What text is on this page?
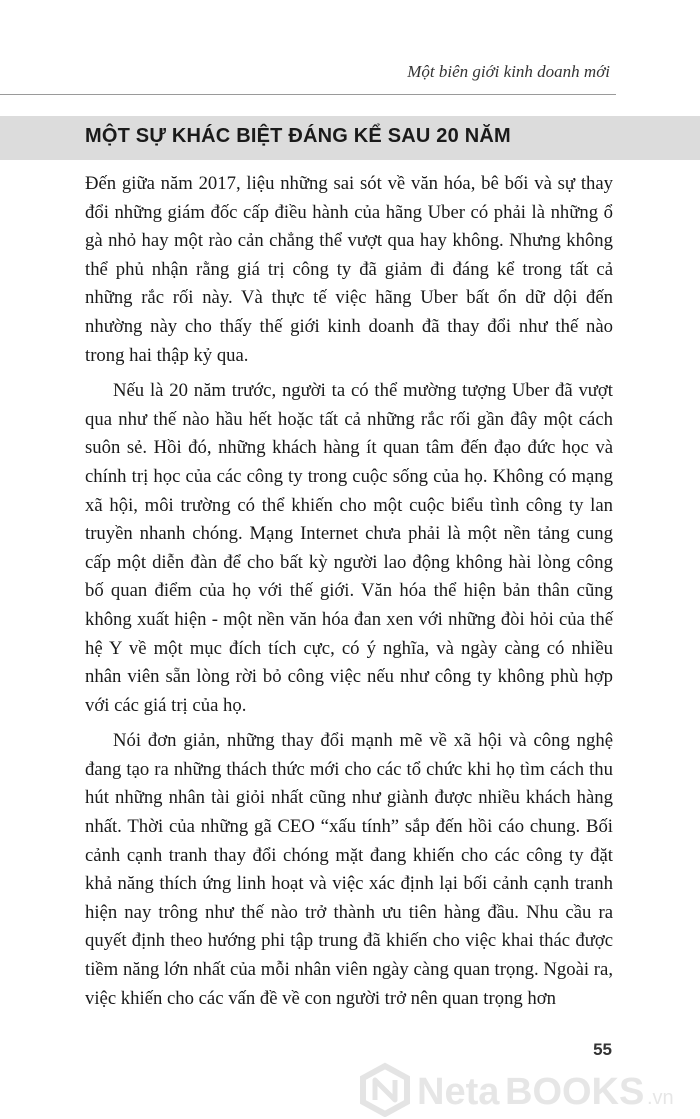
Một biên giới kinh doanh mới
MỘT SỰ KHÁC BIỆT ĐÁNG KỂ SAU 20 NĂM

Đến giữa năm 2017, liệu những sai sót về văn hóa, bê bối và sự thay đổi những giám đốc cấp điều hành của hãng Uber có phải là những ổ gà nhỏ hay một rào cản chẳng thể vượt qua hay không. Nhưng không thể phủ nhận rằng giá trị công ty đã giảm đi đáng kể trong tất cả những rắc rối này. Và thực tế việc hãng Uber bất ổn dữ dội đến nhường này cho thấy thế giới kinh doanh đã thay đổi như thế nào trong hai thập kỷ qua.

Nếu là 20 năm trước, người ta có thể mường tượng Uber đã vượt qua như thế nào hầu hết hoặc tất cả những rắc rối gần đây một cách suôn sẻ. Hồi đó, những khách hàng ít quan tâm đến đạo đức học và chính trị học của các công ty trong cuộc sống của họ. Không có mạng xã hội, môi trường có thể khiến cho một cuộc biểu tình công ty lan truyền nhanh chóng. Mạng Internet chưa phải là một nền tảng cung cấp một diễn đàn để cho bất kỳ người lao động không hài lòng công bố quan điểm của họ với thế giới. Văn hóa thể hiện bản thân cũng không xuất hiện - một nền văn hóa đan xen với những đòi hỏi của thế hệ Y về một mục đích tích cực, có ý nghĩa, và ngày càng có nhiều nhân viên sẵn lòng rời bỏ công việc nếu như công ty không phù hợp với các giá trị của họ.

Nói đơn giản, những thay đổi mạnh mẽ về xã hội và công nghệ đang tạo ra những thách thức mới cho các tổ chức khi họ tìm cách thu hút những nhân tài giỏi nhất cũng như giành được nhiều khách hàng nhất. Thời của những gã CEO “xấu tính” sắp đến hồi cáo chung. Bối cảnh cạnh tranh thay đổi chóng mặt đang khiến cho các công ty đặt khả năng thích ứng linh hoạt và việc xác định lại bối cảnh cạnh tranh hiện nay trông như thế nào trở thành ưu tiên hàng đầu. Nhu cầu ra quyết định theo hướng phi tập trung đã khiến cho việc khai thác được tiềm năng lớn nhất của mỗi nhân viên ngày càng quan trọng. Ngoài ra, việc khiến cho các vấn đề về con người trở nên quan trọng hơn

55
Neta BOOKS .vn
